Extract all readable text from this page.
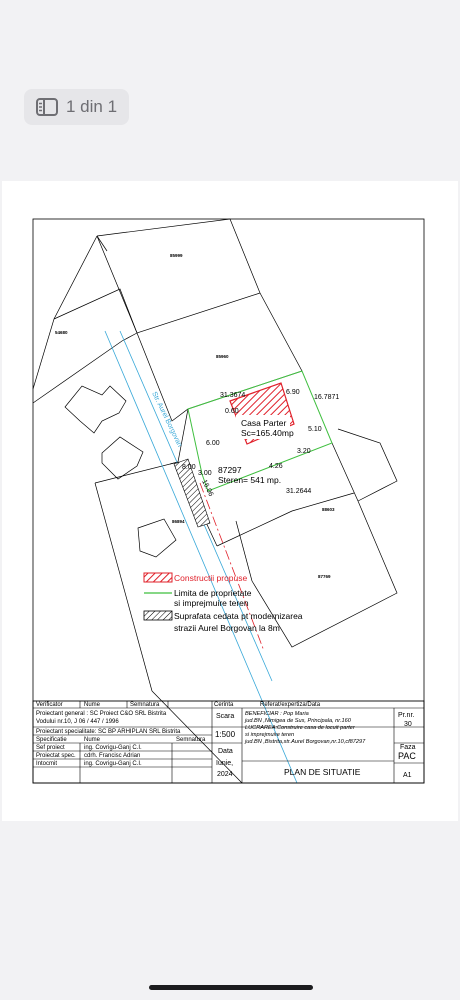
1 din 1
Casa Parter
Sc=165.40mp
85999
54680
85960
86894
88603
87769
Str. Aurel Borgovan	31.3674	6.90
16.7871
0.60
5.10
6.00
3.20
4.26
8.00
3.00
31.2644
16.06
87297
Steren= 541 mp.
Constructii propuse
Limita de proprietate
si imprejmuire teren
Suprafata cedata pt modernizarea
strazii Aurel Borgovan la 8m
Verificator	Nume	Semnatura	Cerinta	Referat/expertiza/Data
Proiectant general : SC Proiect C&O SRL Bistrita
Vodului nr.10, J 06 / 447 / 1996
Proiectant specialitate: SC BP ARHIPLAN SRL Bistrita
Specificatie	Nume	Semnatura
Sef proiect	ing. Covrigu-Ganj C.I.
Proiectat spec. cdrh. Francisc Adrian
Intocmit	ing. Covrigu-Ganj C.I.
Scara
1:500
Data
Iunie,
2024
Pr.nr.
30
Faza
PAC
A1
BENEFICIAR : Pop Maria
jud.BN ,Nimigea de Sus, Principala, nr.160
LUCRAREA:Construire casa de locuit parter
si imprejmuire teren
jud.BN ,Bistrita,str.Aurel Borgovan,nr.10,cf87297
PLAN DE SITUATIE
